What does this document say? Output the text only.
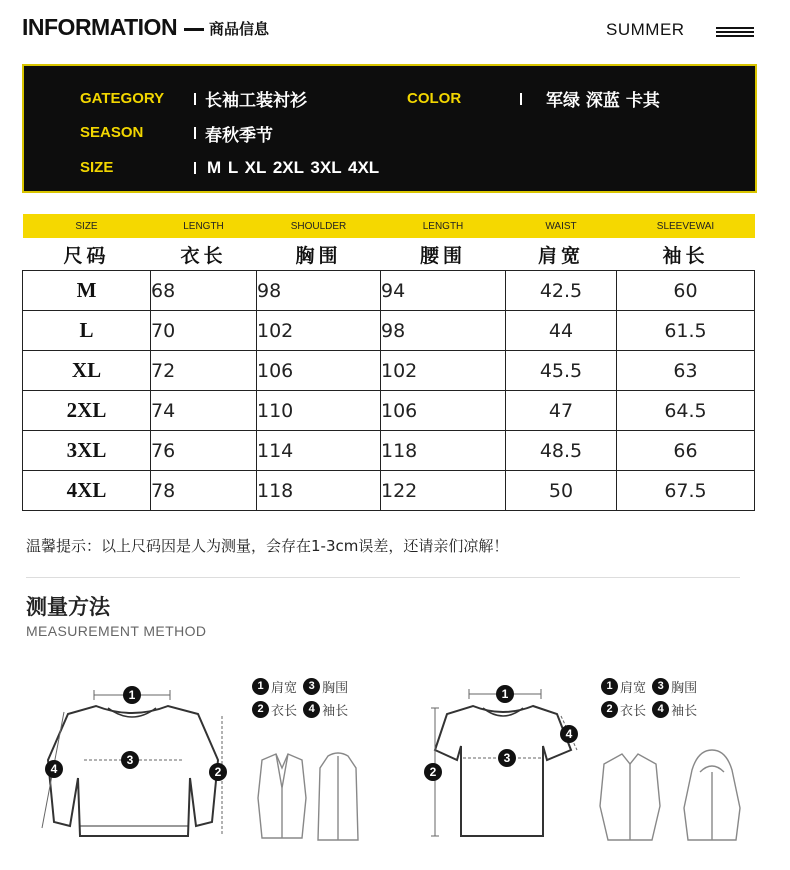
INFORMATION 商品信息	SUMMER
GATEGORY 长袖工装衬衫	COLOR	军绿 深蓝 卡其
SEASON	春秋季节
SIZE	M L XL 2XL 3XL 4XL
SIZE	LENGTH	SHOULDER	LENGTH	WAIST	SLEEVEWAI
尺码	衣长	胸围	腰围	肩宽	袖长
M	68	98	94	42.5	60
L	70	102	98	44	61.5
XL	72	106	102	45.5	63
2XL	74	110	106	47	64.5
3XL	76	114	118	48.5	66
4XL	78	118	122	50	67.5
温馨提示：以上尺码因是人为测量，会存在1-3cm误差，还请亲们凉解！
测量方法
MEASUREMENT METHOD
1 肩宽
	3 胸围
2 衣长
	4 袖长
1 肩宽
	3 胸围
2 衣长
	4 袖长
1
3
4	2
1
3
2
4
